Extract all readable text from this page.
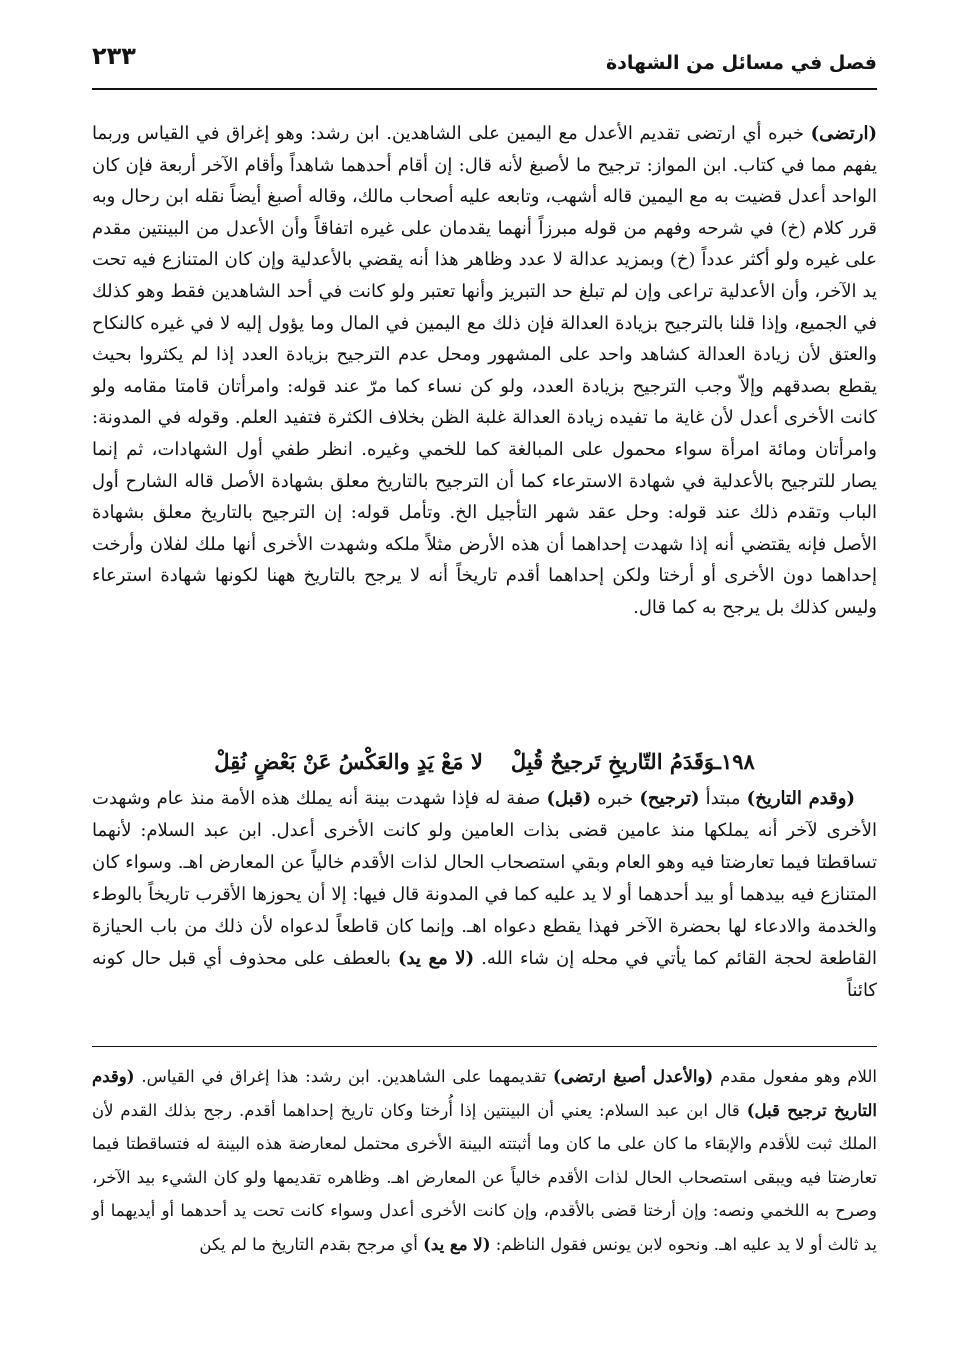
٢٣٣	فصل في مسائل من الشهادة

(ارتضى) خبره أي ارتضى تقديم الأعدل مع اليمين على الشاهدين. ابن رشد: وهو إغراق في القياس وربما يفهم مما في كتاب. ابن المواز: ترجيح ما لأصبغ لأنه قال: إن أقام أحدهما شاهداً وأقام الآخر أربعة فإن كان الواحد أعدل قضيت به مع اليمين قاله أشهب، وتابعه عليه أصحاب مالك، وقاله أصبغ أيضاً نقله ابن رحال وبه قرر كلام (خ) في شرحه وفهم من قوله مبرزاً أنهما يقدمان على غيره اتفاقاً وأن الأعدل من البينتين مقدم على غيره ولو أكثر عدداً (خ) وبمزيد عدالة لا عدد وظاهر هذا أنه يقضي بالأعدلية وإن كان المتنازع فيه تحت يد الآخر، وأن الأعدلية تراعى وإن لم تبلغ حد التبريز وأنها تعتبر ولو كانت في أحد الشاهدين فقط وهو كذلك في الجميع، وإذا قلنا بالترجيح بزيادة العدالة فإن ذلك مع اليمين في المال وما يؤول إليه لا في غيره كالنكاح والعتق لأن زيادة العدالة كشاهد واحد على المشهور ومحل عدم الترجيح بزيادة العدد إذا لم يكثروا بحيث يقطع بصدقهم وإلاّ وجب الترجيح بزيادة العدد، ولو كن نساء كما مرّ عند قوله: وامرأتان قامتا مقامه ولو كانت الأخرى أعدل لأن غاية ما تفيده زيادة العدالة غلبة الظن بخلاف الكثرة فتفيد العلم. وقوله في المدونة: وامرأتان ومائة امرأة سواء محمول على المبالغة كما للخمي وغيره. انظر طفي أول الشهادات، ثم إنما يصار للترجيح بالأعدلية في شهادة الاسترعاء كما أن الترجيح بالتاريخ معلق بشهادة الأصل قاله الشارح أول الباب وتقدم ذلك عند قوله: وحل عقد شهر التأجيل الخ. وتأمل قوله: إن الترجيح بالتاريخ معلق بشهادة الأصل فإنه يقتضي أنه إذا شهدت إحداهما أن هذه الأرض مثلاً ملكه وشهدت الأخرى أنها ملك لفلان وأرخت إحداهما دون الأخرى أو أرختا ولكن إحداهما أقدم تاريخاً أنه لا يرجح بالتاريخ ههنا لكونها شهادة استرعاء وليس كذلك بل يرجح به كما قال.

١٩٨ـوَقَدَمُ التّاريخِ تَرجيحٌ قُبِلْلا مَعْ يَدٍ والعَكْسُ عَنْ بَعْضٍ نُقِلْ

(وقدم التاريخ) مبتدأ (ترجيح) خبره (قبل) صفة له فإذا شهدت بينة أنه يملك هذه الأمة منذ عام وشهدت الأخرى لآخر أنه يملكها منذ عامين قضى بذات العامين ولو كانت الأخرى أعدل. ابن عبد السلام: لأنهما تساقطتا فيما تعارضتا فيه وهو العام وبقي استصحاب الحال لذات الأقدم خالياً عن المعارض اهـ. وسواء كان المتنازع فيه بيدهما أو بيد أحدهما أو لا يد عليه كما في المدونة قال فيها: إلا أن يحوزها الأقرب تاريخاً بالوطء والخدمة والادعاء لها بحضرة الآخر فهذا يقطع دعواه اهـ. وإنما كان قاطعاً لدعواه لأن ذلك من باب الحيازة القاطعة لحجة القائم كما يأتي في محله إن شاء الله. (لا مع يد) بالعطف على محذوف أي قبل حال كونه كائناً

اللام وهو مفعول مقدم (والأعدل أصبغ ارتضى) تقديمهما على الشاهدين. ابن رشد: هذا إغراق في القياس. (وقدم التاريخ ترجيح قبل) قال ابن عبد السلام: يعني أن البينتين إذا أُرختا وكان تاريخ إحداهما أقدم. رجح بذلك القدم لأن الملك ثبت للأقدم والإبقاء ما كان على ما كان وما أثبتته البينة الأخرى محتمل لمعارضة هذه البينة له فتساقطتا فيما تعارضتا فيه ويبقى استصحاب الحال لذات الأقدم خالياً عن المعارض اهـ. وظاهره تقديمها ولو كان الشيء بيد الآخر، وصرح به اللخمي ونصه: وإن أرختا قضى بالأقدم، وإن كانت الأخرى أعدل وسواء كانت تحت يد أحدهما أو أيديهما أو يد ثالث أو لا يد عليه اهـ. ونحوه لابن يونس فقول الناظم: (لا مع يد) أي مرجح بقدم التاريخ ما لم يكن
